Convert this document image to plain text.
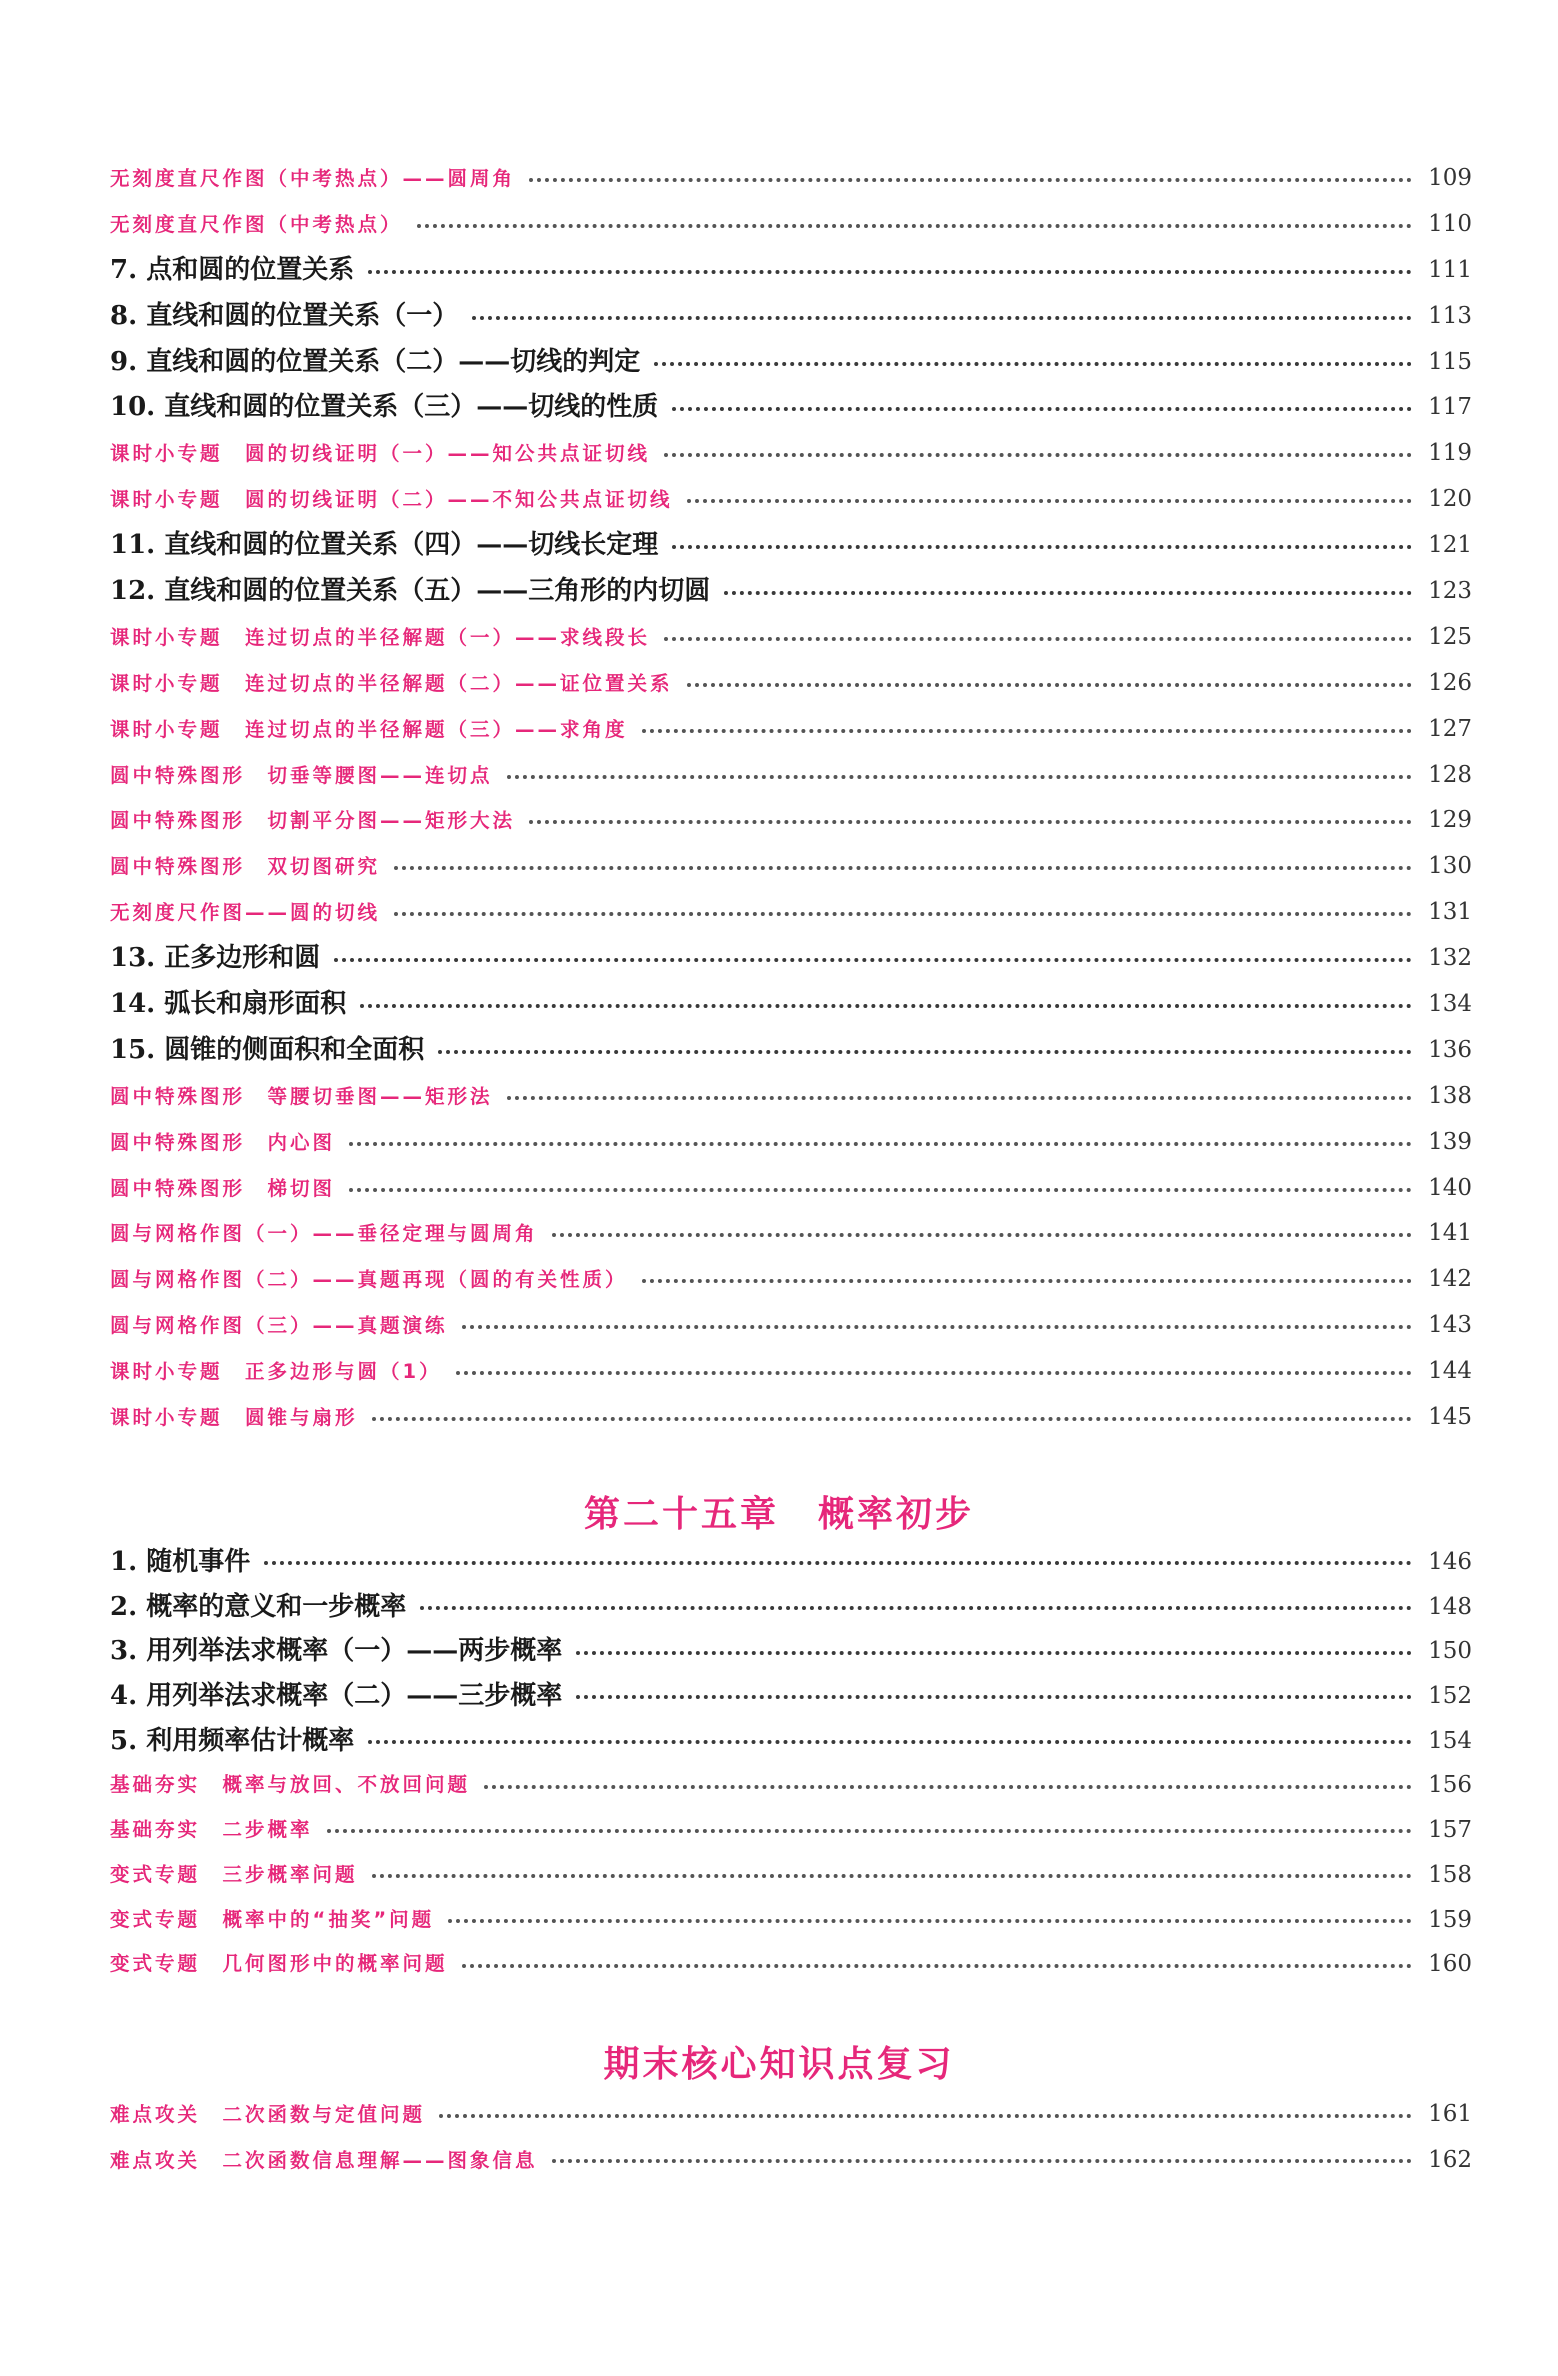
无刻度直尺作图（中考热点）——圆周角	109
无刻度直尺作图（中考热点）	110
7. 点和圆的位置关系	111
8. 直线和圆的位置关系（一）	113
9. 直线和圆的位置关系（二）——切线的判定	115
10. 直线和圆的位置关系（三）——切线的性质	117
课时小专题　圆的切线证明（一）——知公共点证切线	119
课时小专题　圆的切线证明（二）——不知公共点证切线	120
11. 直线和圆的位置关系（四）——切线长定理	121
12. 直线和圆的位置关系（五）——三角形的内切圆	123
课时小专题　连过切点的半径解题（一）——求线段长	125
课时小专题　连过切点的半径解题（二）——证位置关系	126
课时小专题　连过切点的半径解题（三）——求角度	127
圆中特殊图形　切垂等腰图——连切点	128
圆中特殊图形　切割平分图——矩形大法	129
圆中特殊图形　双切图研究	130
无刻度尺作图——圆的切线	131
13. 正多边形和圆	132
14. 弧长和扇形面积	134
15. 圆锥的侧面积和全面积	136
圆中特殊图形　等腰切垂图——矩形法	138
圆中特殊图形　内心图	139
圆中特殊图形　梯切图	140
圆与网格作图（一）——垂径定理与圆周角	141
圆与网格作图（二）——真题再现（圆的有关性质）	142
圆与网格作图（三）——真题演练	143
课时小专题　正多边形与圆（1）	144
课时小专题　圆锥与扇形	145
第二十五章　概率初步
1. 随机事件	146
2. 概率的意义和一步概率	148
3. 用列举法求概率（一）——两步概率	150
4. 用列举法求概率（二）——三步概率	152
5. 利用频率估计概率	154
基础夯实　概率与放回、不放回问题	156
基础夯实　二步概率	157
变式专题　三步概率问题	158
变式专题　概率中的“抽奖”问题	159
变式专题　几何图形中的概率问题	160
期末核心知识点复习
难点攻关　二次函数与定值问题	161
难点攻关　二次函数信息理解——图象信息	162
